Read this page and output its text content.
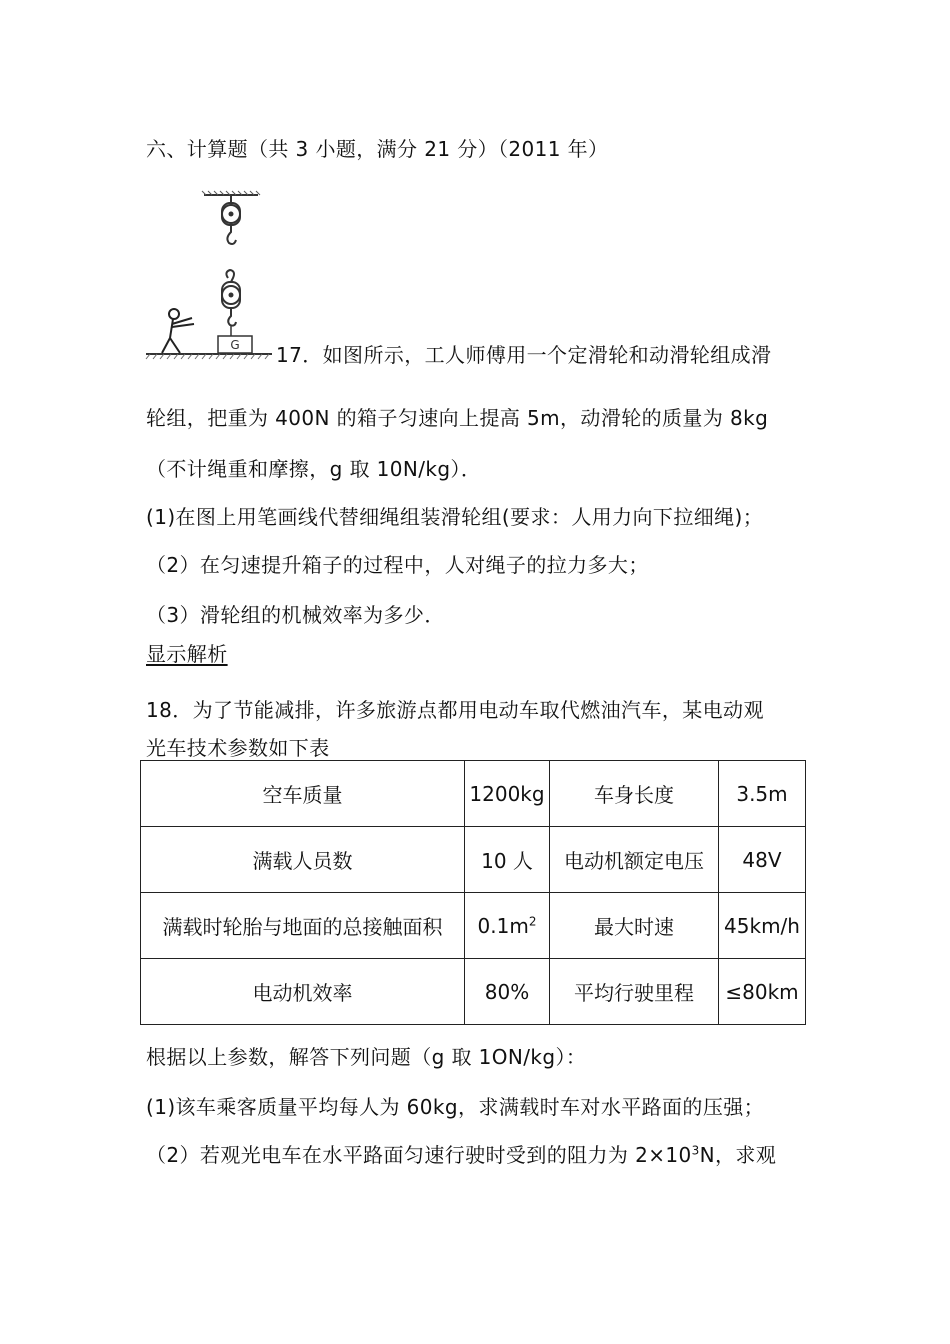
六、计算题（共 3 小题，满分 21 分）（2011 年）
G 17．如图所示，工人师傅用一个定滑轮和动滑轮组成滑
轮组，把重为 400N 的箱子匀速向上提高 5m，动滑轮的质量为 8kg
（不计绳重和摩擦，g 取 10N/kg）．
(1)在图上用笔画线代替细绳组装滑轮组(要求：人用力向下拉细绳)；
（2）在匀速提升箱子的过程中，人对绳子的拉力多大；
（3）滑轮组的机械效率为多少．
显示解析
18．为了节能减排，许多旅游点都用电动车取代燃油汽车，某电动观
光车技术参数如下表
空车质量	1200kg	车身长度	3.5m
满载人员数	10 人	电动机额定电压	48V
满载时轮胎与地面的总接触面积	$0.1m^2$	最大时速	45km/h
电动机效率	80%	平均行驶里程	≤80km
根据以上参数，解答下列问题（g 取 1ON/kg）：
(1)该车乘客质量平均每人为 60kg，求满载时车对水平路面的压强；
（2）若观光电车在水平路面匀速行驶时受到的阻力为 $2\times 10^3N$，求观
